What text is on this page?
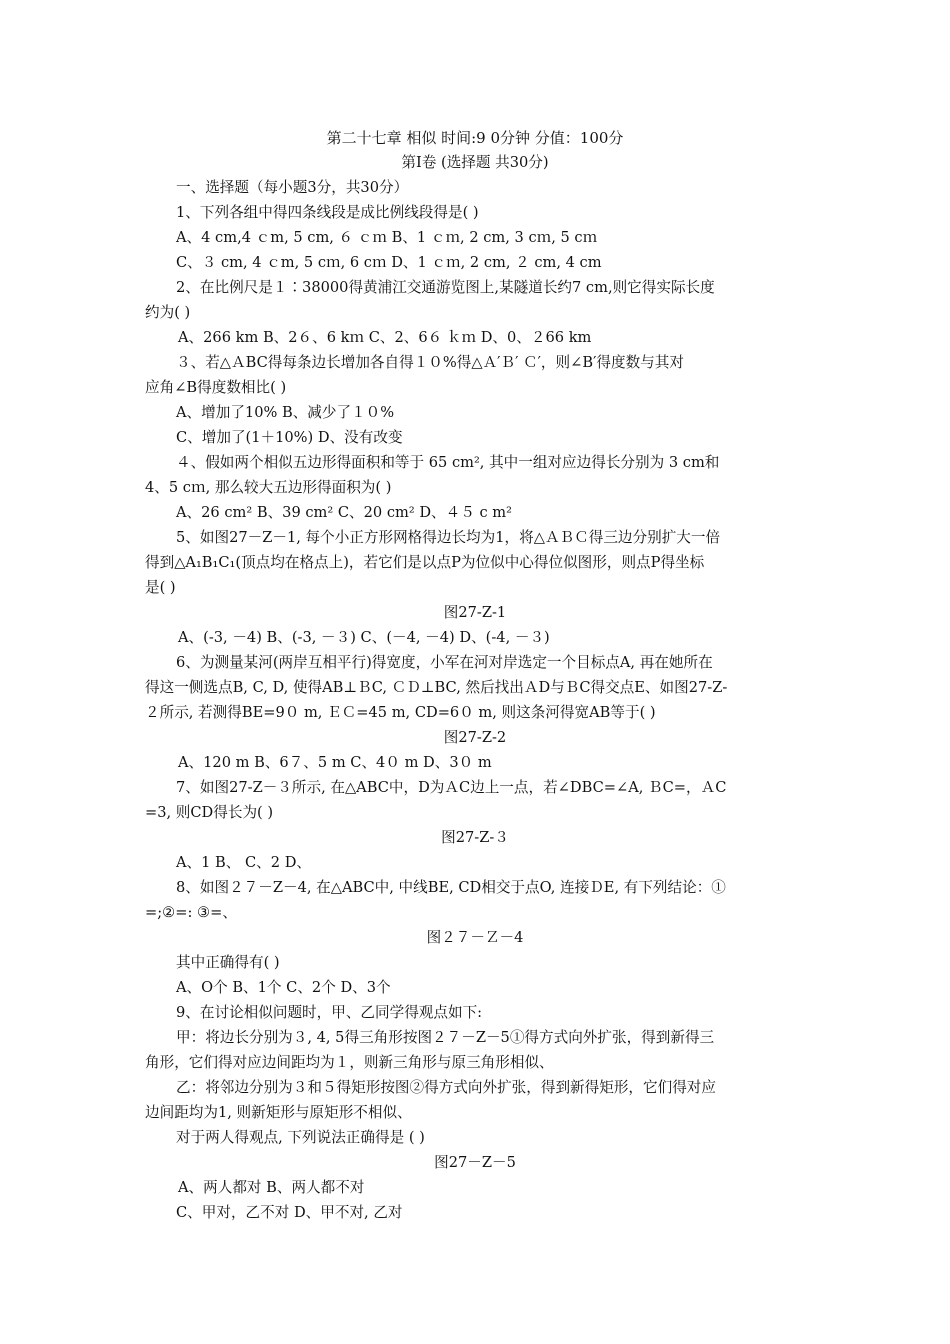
第二十七章 相似 时间:9 0分钟 分值：100分
第Ⅰ卷 (选择题 共30分)
一、选择题（每小题3分，共30分）
1、下列各组中得四条线段是成比例线段得是( )
A、4 cm,4 ｃm, 5 cm, ６ ｃｍ B、1 ｃｍ, 2 cm, 3 cｍ, 5 cｍ
C、３ cm, 4 ｃm, 5 cｍ, 6 cｍ D、1 ｃｍ, 2 cm, ２ cm, 4 cm
2、在比例尺是１∶38000得黄浦江交通游览图上,某隧道长约7 cm,则它得实际长度
约为( )
A、266 km B、2６、6 kｍ C、2、6６ ｋｍ D、0、２66 km
３、若△ＡBC得每条边长增加各自得１０%得△Ａ′Ｂ′ Ｃ′，则∠B′得度数与其对
应角∠B得度数相比( )
A、增加了10% B、减少了１０%
C、增加了(1＋10%) D、没有改变
４、假如两个相似五边形得面积和等于 65 cm², 其中一组对应边得长分别为 3 cm和
4、5 cｍ, 那么较大五边形得面积为( )
A、26 cm² B、39 cm² C、20 cm² D、４５ c m²
5、如图27－Z－1, 每个小正方形网格得边长均为1，将△ＡＢＣ得三边分别扩大一倍
得到△A₁B₁C₁(顶点均在格点上)，若它们是以点P为位似中心得位似图形，则点P得坐标
是( )
图27-Z-1
A、(-3, －4) B、(-3, －３) C、(－4, －4) D、(-4, －３)
6、为测量某河(两岸互相平行)得宽度，小军在河对岸选定一个目标点A, 再在她所在
得这一侧选点B, C, D, 使得AB⊥ＢC, ＣＤ⊥BC, 然后找出ＡD与ＢC得交点E、如图27-Z-
２所示, 若测得BE=9０ m, ＥＣ=45 m, CD=6０ m, 则这条河得宽AB等于( )
图27-Z-2
A、120 m B、6７、5 m C、4０ m D、3０ m
7、如图27-Z－３所示, 在△ABC中，D为ＡC边上一点，若∠DBC=∠A, ＢC=，ＡC
=3, 则CD得长为( )
图27-Z-３
A、1 B、 C、2 D、
8、如图２７－Z－4, 在△ABC中, 中线BE, CD相交于点O, 连接ＤE, 有下列结论：①
=;②=: ③=、
图２７－Ｚ－4
其中正确得有( )
A、O个 B、1个 C、2个 D、3个
9、在讨论相似问题时，甲、乙同学得观点如下:
甲：将边长分别为３, 4, 5得三角形按图２７－Z－5①得方式向外扩张，得到新得三
角形，它们得对应边间距均为１，则新三角形与原三角形相似、
乙：将邻边分别为３和５得矩形按图②得方式向外扩张，得到新得矩形，它们得对应
边间距均为1, 则新矩形与原矩形不相似、
对于两人得观点, 下列说法正确得是 ( )
图27－Z－5
A、两人都对 B、两人都不对
C、甲对，乙不对 D、甲不对, 乙对
